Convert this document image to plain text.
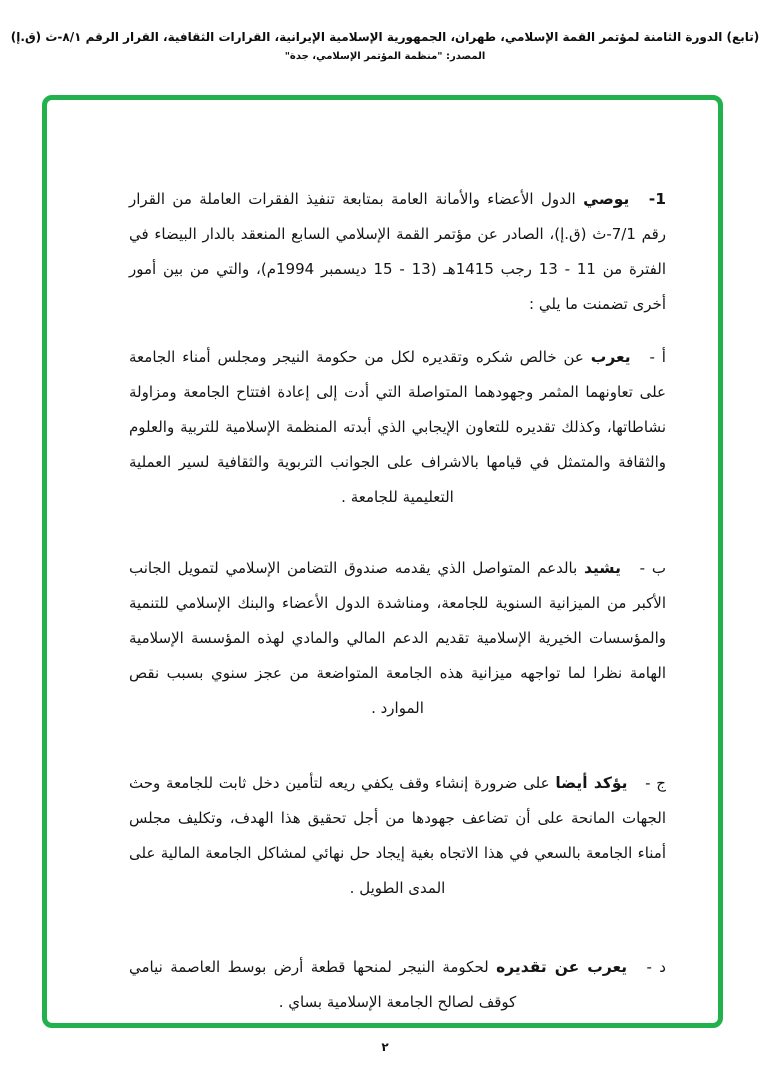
(تابع) الدورة الثامنة لمؤتمر القمة الإسلامي، طهران، الجمهورية الإسلامية الإيرانية، القرارات الثقافية، القرار الرقم ٨/١-ث (ق.إ)
المصدر: "منظمة المؤتمر الإسلامي، جدة"

1- يوصي الدول الأعضاء والأمانة العامة بمتابعة تنفيذ الفقرات العاملة من القرار رقم 7/1-ث (ق.إ)، الصادر عن مؤتمر القمة الإسلامي السابع المنعقد بالدار البيضاء في الفترة من 11 - 13 رجب 1415هـ (13 - 15 ديسمبر 1994م)، والتي من بين أمور أخرى تضمنت ما يلي :

أ - يعرب عن خالص شكره وتقديره لكل من حكومة النيجر ومجلس أمناء الجامعة على تعاونهما المثمر وجهودهما المتواصلة التي أدت إلى إعادة افتتاح الجامعة ومزاولة نشاطاتها، وكذلك تقديره للتعاون الإيجابي الذي أبدته المنظمة الإسلامية للتربية والعلوم والثقافة والمتمثل في قيامها بالاشراف على الجوانب التربوية والثقافية لسير العملية التعليمية للجامعة .

ب - يشيد بالدعم المتواصل الذي يقدمه صندوق التضامن الإسلامي لتمويل الجانب الأكبر من الميزانية السنوية للجامعة، ومناشدة الدول الأعضاء والبنك الإسلامي للتنمية والمؤسسات الخيرية الإسلامية تقديم الدعم المالي والمادي لهذه المؤسسة الإسلامية الهامة نظرا لما تواجهه ميزانية هذه الجامعة المتواضعة من عجز سنوي بسبب نقص الموارد .

ج - يؤكد أيضا على ضرورة إنشاء وقف يكفي ريعه لتأمين دخل ثابت للجامعة وحث الجهات المانحة على أن تضاعف جهودها من أجل تحقيق هذا الهدف، وتكليف مجلس أمناء الجامعة بالسعي في هذا الاتجاه بغية إيجاد حل نهائي لمشاكل الجامعة المالية على المدى الطويل .

د - يعرب عن تقديره لحكومة النيجر لمنحها قطعة أرض بوسط العاصمة نيامي كوقف لصالح الجامعة الإسلامية بساي .

٢
